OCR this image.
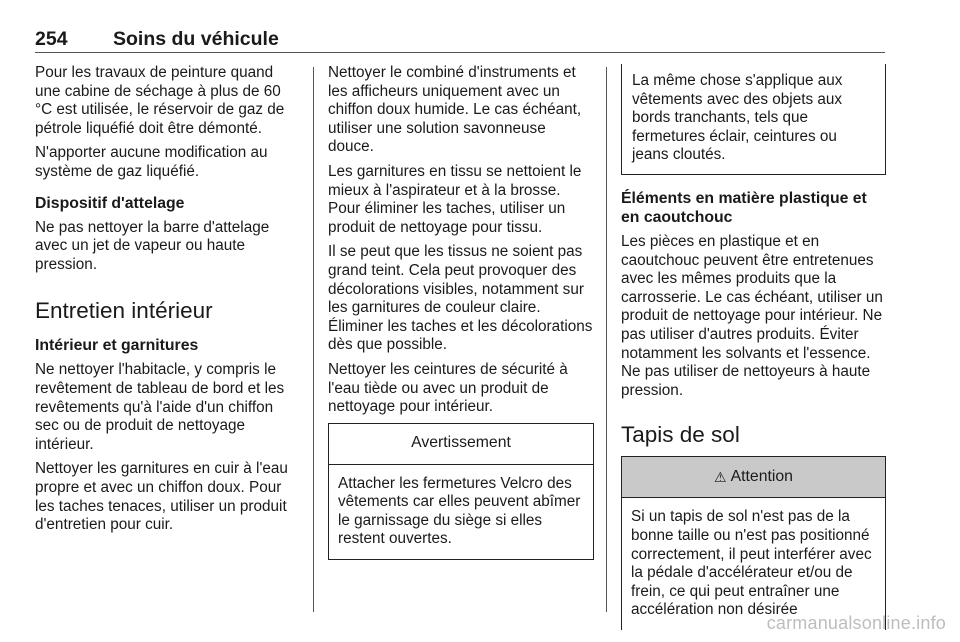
254 Soins du véhicule

Pour les travaux de peinture quand une cabine de séchage à plus de 60 °C est utilisée, le réservoir de gaz de pétrole liquéfié doit être démonté.

N'apporter aucune modification au système de gaz liquéfié.

Dispositif d'attelage

Ne pas nettoyer la barre d'attelage avec un jet de vapeur ou haute pression.

Entretien intérieur
Intérieur et garnitures

Ne nettoyer l'habitacle, y compris le revêtement de tableau de bord et les revêtements qu'à l'aide d'un chiffon sec ou de produit de nettoyage intérieur.

Nettoyer les garnitures en cuir à l'eau propre et avec un chiffon doux. Pour les taches tenaces, utiliser un produit d'entretien pour cuir.

Nettoyer le combiné d'instruments et les afficheurs uniquement avec un chiffon doux humide. Le cas échéant, utiliser une solution savonneuse douce.

Les garnitures en tissu se nettoient le mieux à l'aspirateur et à la brosse. Pour éliminer les taches, utiliser un produit de nettoyage pour tissu.

Il se peut que les tissus ne soient pas grand teint. Cela peut provoquer des décolorations visibles, notamment sur les garnitures de couleur claire. Éliminer les taches et les décolorations dès que possible.

Nettoyer les ceintures de sécurité à l'eau tiède ou avec un produit de nettoyage pour intérieur.

Avertissement
Attacher les fermetures Velcro des vêtements car elles peuvent abîmer le garnissage du siège si elles restent ouvertes.
La même chose s'applique aux vêtements avec des objets aux bords tranchants, tels que fermetures éclair, ceintures ou jeans cloutés.
Éléments en matière plastique et en caoutchouc

Les pièces en plastique et en caoutchouc peuvent être entretenues avec les mêmes produits que la carrosserie. Le cas échéant, utiliser un produit de nettoyage pour intérieur. Ne pas utiliser d'autres produits. Éviter notamment les solvants et l'essence. Ne pas utiliser de nettoyeurs à haute pression.

Tapis de sol
⚠ Attention
Si un tapis de sol n'est pas de la bonne taille ou n'est pas positionné correctement, il peut interférer avec la pédale d'accélérateur et/ou de frein, ce qui peut entraîner une accélération non désirée
carmanualsonline.info
